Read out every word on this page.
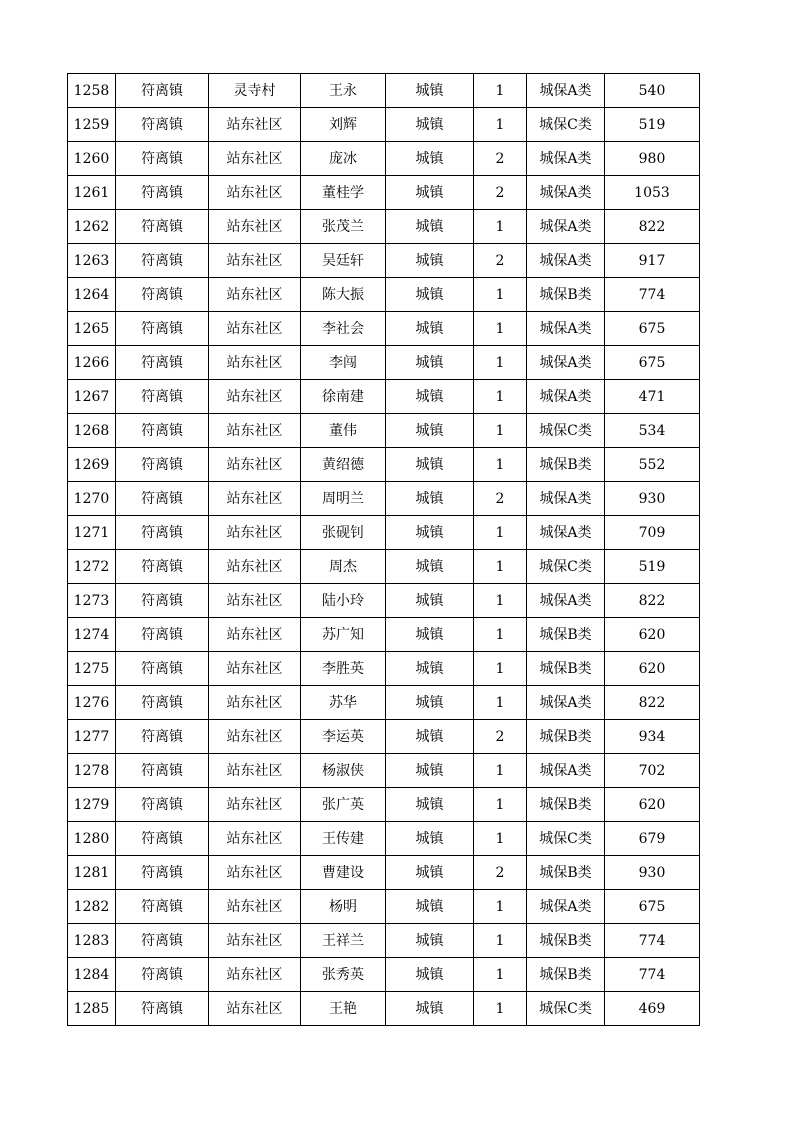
1258	符离镇	灵寺村	王永	城镇	1	城保A类	540
1259	符离镇	站东社区	刘辉	城镇	1	城保C类	519
1260	符离镇	站东社区	庞冰	城镇	2	城保A类	980
1261	符离镇	站东社区	董桂学	城镇	2	城保A类	1053
1262	符离镇	站东社区	张茂兰	城镇	1	城保A类	822
1263	符离镇	站东社区	吴廷轩	城镇	2	城保A类	917
1264	符离镇	站东社区	陈大振	城镇	1	城保B类	774
1265	符离镇	站东社区	李社会	城镇	1	城保A类	675
1266	符离镇	站东社区	李闯	城镇	1	城保A类	675
1267	符离镇	站东社区	徐南建	城镇	1	城保A类	471
1268	符离镇	站东社区	董伟	城镇	1	城保C类	534
1269	符离镇	站东社区	黄绍德	城镇	1	城保B类	552
1270	符离镇	站东社区	周明兰	城镇	2	城保A类	930
1271	符离镇	站东社区	张砚钊	城镇	1	城保A类	709
1272	符离镇	站东社区	周杰	城镇	1	城保C类	519
1273	符离镇	站东社区	陆小玲	城镇	1	城保A类	822
1274	符离镇	站东社区	苏广知	城镇	1	城保B类	620
1275	符离镇	站东社区	李胜英	城镇	1	城保B类	620
1276	符离镇	站东社区	苏华	城镇	1	城保A类	822
1277	符离镇	站东社区	李运英	城镇	2	城保B类	934
1278	符离镇	站东社区	杨淑侠	城镇	1	城保A类	702
1279	符离镇	站东社区	张广英	城镇	1	城保B类	620
1280	符离镇	站东社区	王传建	城镇	1	城保C类	679
1281	符离镇	站东社区	曹建设	城镇	2	城保B类	930
1282	符离镇	站东社区	杨明	城镇	1	城保A类	675
1283	符离镇	站东社区	王祥兰	城镇	1	城保B类	774
1284	符离镇	站东社区	张秀英	城镇	1	城保B类	774
1285	符离镇	站东社区	王艳	城镇	1	城保C类	469
